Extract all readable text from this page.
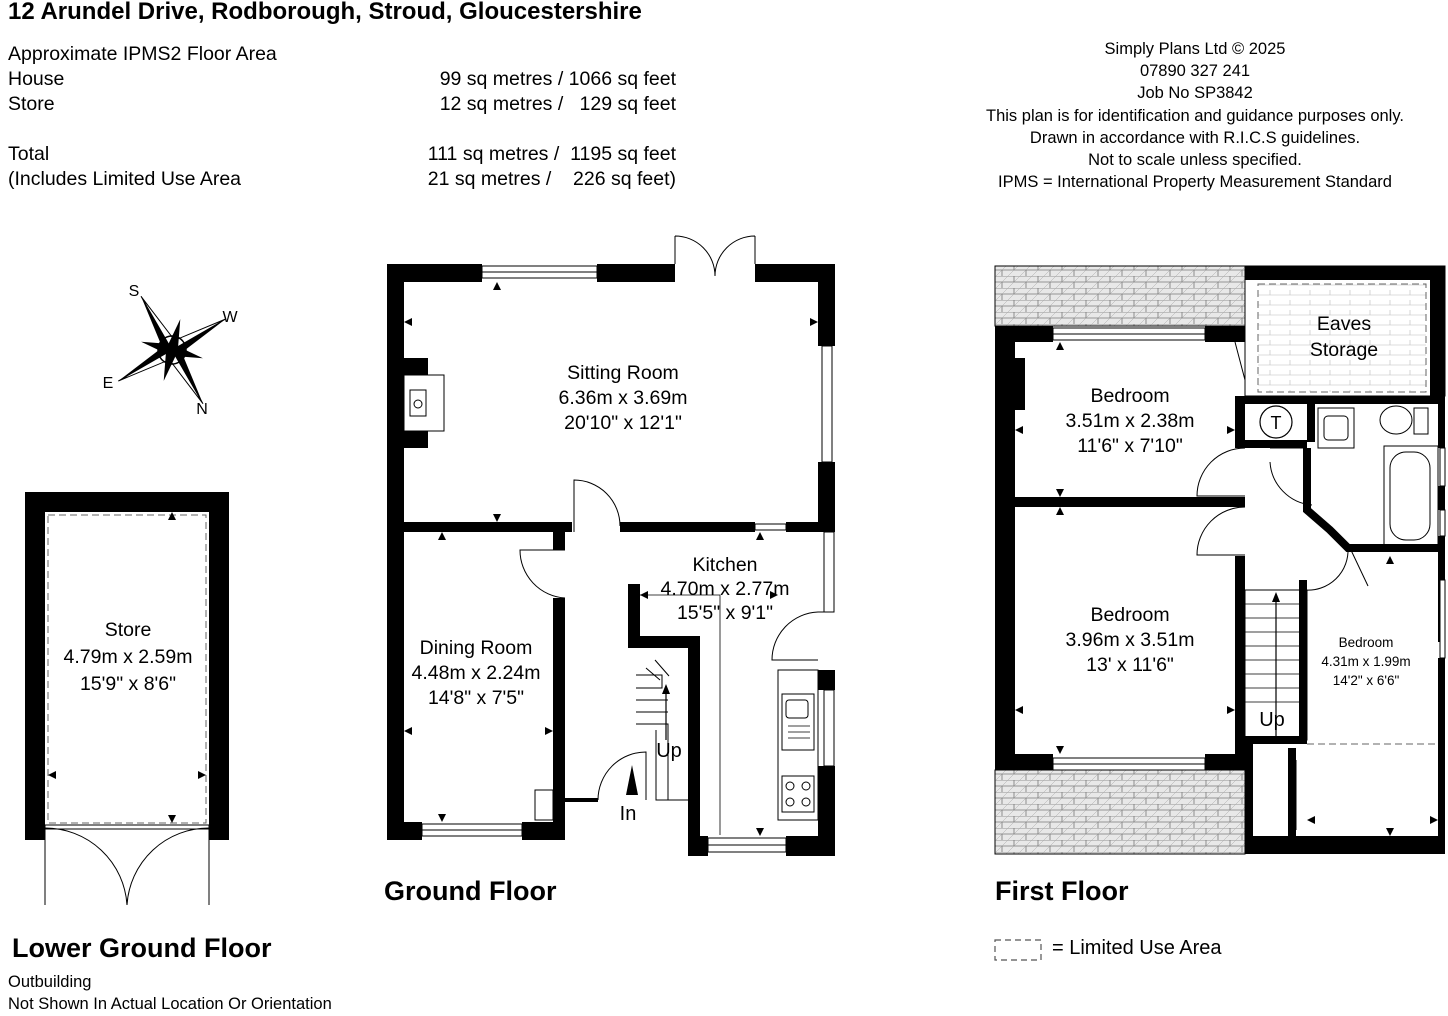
12 Arundel Drive, Rodborough, Stroud, Gloucestershire
Approximate IPMS2 Floor Area
House	99 sq metres / 1066 sq feet
Store	12 sq metres /   129 sq feet
Total	111 sq metres /  1195 sq feet
(Includes Limited Use Area	21 sq metres /    226 sq feet)
Simply Plans Ltd © 2025
07890 327 241
Job No SP3842
This plan is for identification and guidance purposes only.
Drawn in accordance with R.I.C.S guidelines.
Not to scale unless specified.
IPMS = International Property Measurement Standard
Ground Floor	First Floor
Lower Ground Floor
Outbuilding
Not Shown In Actual Location Or Orientation
= Limited Use Area
S
W
E
N
Store
4.79m x 2.59m
15'9" x 8'6"
Sitting Room
6.36m x 3.69m
20'10" x 12'1"
Kitchen
4.70m x 2.77m
15'5" x 9'1"
Dining Room
4.48m x 2.24m
14'8" x 7'5"
Up
In
Eaves
Storage
Bedroom
3.51m x 2.38m
11'6" x 7'10"
Bedroom
3.96m x 3.51m
13' x 11'6"
Bedroom
4.31m x 1.99m
14'2" x 6'6"
Up
T
